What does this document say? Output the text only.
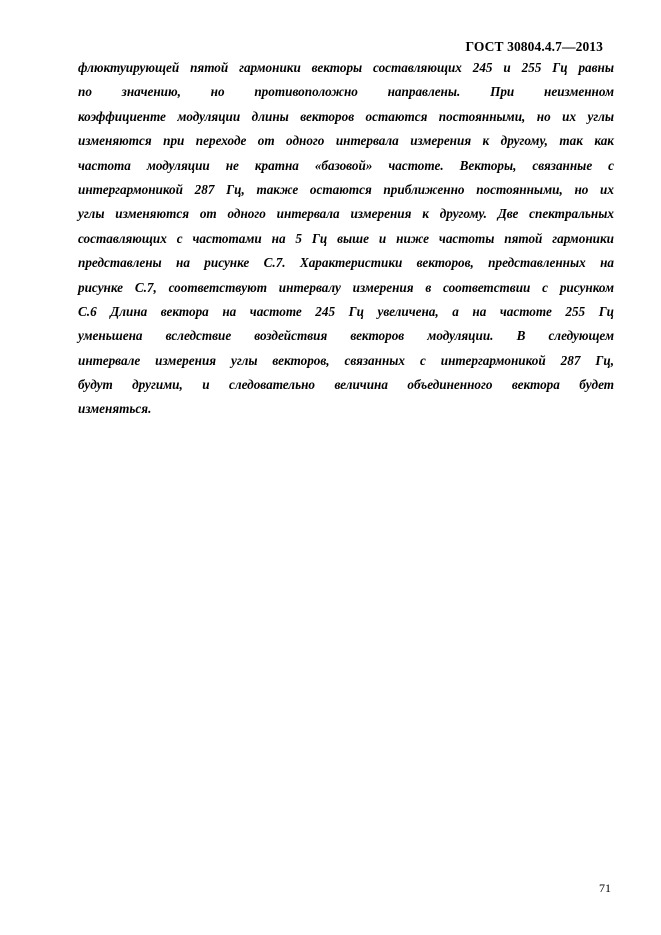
ГОСТ 30804.4.7—2013
флюктуирующей пятой гармоники векторы составляющих 245 и 255 Гц равны
по значению, но противоположно направлены. При неизменном
коэффициенте модуляции длины векторов остаются постоянными, но их углы
изменяются при переходе от одного интервала измерения к другому, так как
частота модуляции не кратна «базовой» частоте. Векторы, связанные с
интергармоникой 287 Гц, также остаются приближенно постоянными, но их
углы изменяются от одного интервала измерения к другому. Две спектральных
составляющих с частотами на 5 Гц выше и ниже частоты пятой гармоники
представлены на рисунке С.7. Характеристики векторов, представленных на
рисунке С.7, соответствуют интервалу измерения в соответствии с рисунком
С.6 Длина вектора на частоте 245 Гц увеличена, а на частоте 255 Гц
уменьшена вследствие воздействия векторов модуляции. В следующем
интервале измерения углы векторов, связанных с интергармоникой 287 Гц,
будут другими, и следовательно величина объединенного вектора будет
изменяться.
71
